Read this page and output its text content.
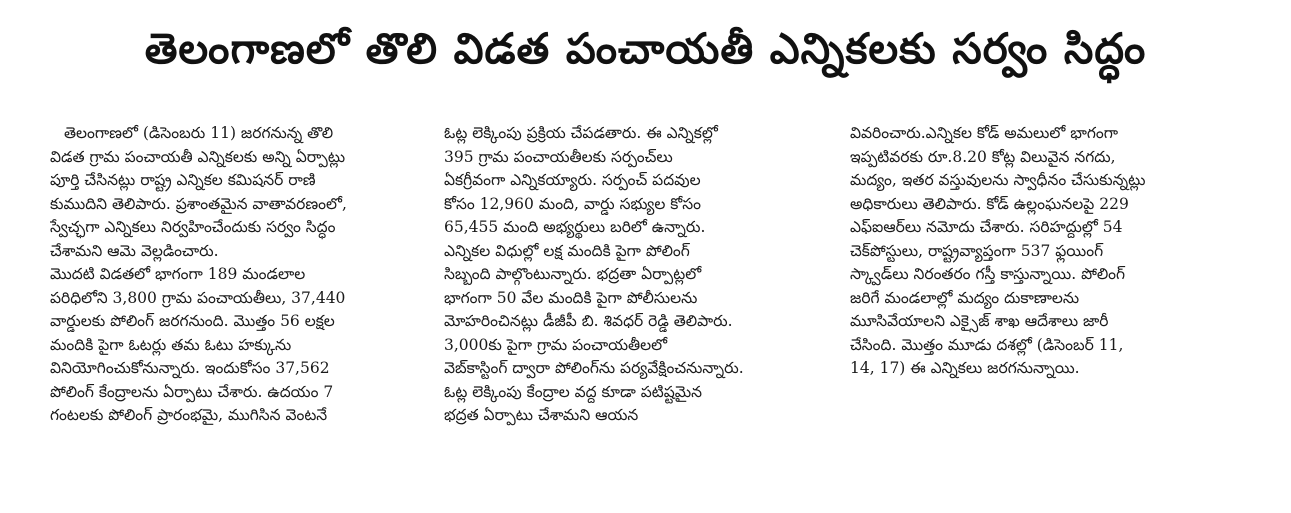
తెలంగాణలో తొలి విడత పంచాయతీ ఎన్నికలకు సర్వం సిద్ధం
తెలంగాణలో (డిసెంబరు 11) జరగనున్న తొలి
విడత గ్రామ పంచాయతీ ఎన్నికలకు అన్ని ఏర్పాట్లు
పూర్తి చేసినట్లు రాష్ట్ర ఎన్నికల కమిషనర్ రాణి
కుముదిని తెలిపారు. ప్రశాంతమైన వాతావరణంలో,
స్వేచ్ఛగా ఎన్నికలు నిర్వహించేందుకు సర్వం సిద్ధం
చేశామని ఆమె వెల్లడించారు.
మొదటి విడతలో భాగంగా 189 మండలాల
పరిధిలోని 3,800 గ్రామ పంచాయతీలు, 37,440
వార్డులకు పోలింగ్ జరగనుంది. మొత్తం 56 లక్షల
మందికి పైగా ఓటర్లు తమ ఓటు హక్కును
వినియోగించుకోనున్నారు. ఇందుకోసం 37,562
పోలింగ్ కేంద్రాలను ఏర్పాటు చేశారు. ఉదయం 7
గంటలకు పోలింగ్ ప్రారంభమై, ముగిసిన వెంటనే
ఓట్ల లెక్కింపు ప్రక్రియ చేపడతారు. ఈ ఎన్నికల్లో
395 గ్రామ పంచాయతీలకు సర్పంచ్‌లు
ఏకగ్రీవంగా ఎన్నికయ్యారు. సర్పంచ్ పదవుల
కోసం 12,960 మంది, వార్డు సభ్యుల కోసం
65,455 మంది అభ్యర్థులు బరిలో ఉన్నారు.
ఎన్నికల విధుల్లో లక్ష మందికి పైగా పోలింగ్
సిబ్బంది పాల్గొంటున్నారు. భద్రతా ఏర్పాట్లలో
భాగంగా 50 వేల మందికి పైగా పోలీసులను
మోహరించినట్లు డీజీపీ బి. శివధర్ రెడ్డి తెలిపారు.
3,000కు పైగా గ్రామ పంచాయతీలలో
వెబ్‌కాస్టింగ్ ద్వారా పోలింగ్‌ను పర్యవేక్షించనున్నారు.
ఓట్ల లెక్కింపు కేంద్రాల వద్ద కూడా పటిష్టమైన
భద్రత ఏర్పాటు చేశామని ఆయన
వివరించారు.ఎన్నికల కోడ్ అమలులో భాగంగా
ఇప్పటివరకు రూ.8.20 కోట్ల విలువైన నగదు,
మద్యం, ఇతర వస్తువులను స్వాధీనం చేసుకున్నట్లు
అధికారులు తెలిపారు. కోడ్ ఉల్లంఘనలపై 229
ఎఫ్ఐఆర్‌లు నమోదు చేశారు. సరిహద్దుల్లో 54
చెక్‌పోస్టులు, రాష్ట్రవ్యాప్తంగా 537 ఫ్లయింగ్
స్క్వాడ్‌లు నిరంతరం గస్తీ కాస్తున్నాయి. పోలింగ్
జరిగే మండలాల్లో మద్యం దుకాణాలను
మూసివేయాలని ఎక్సైజ్ శాఖ ఆదేశాలు జారీ
చేసింది. మొత్తం మూడు దశల్లో (డిసెంబర్ 11,
14, 17) ఈ ఎన్నికలు జరగనున్నాయి.
